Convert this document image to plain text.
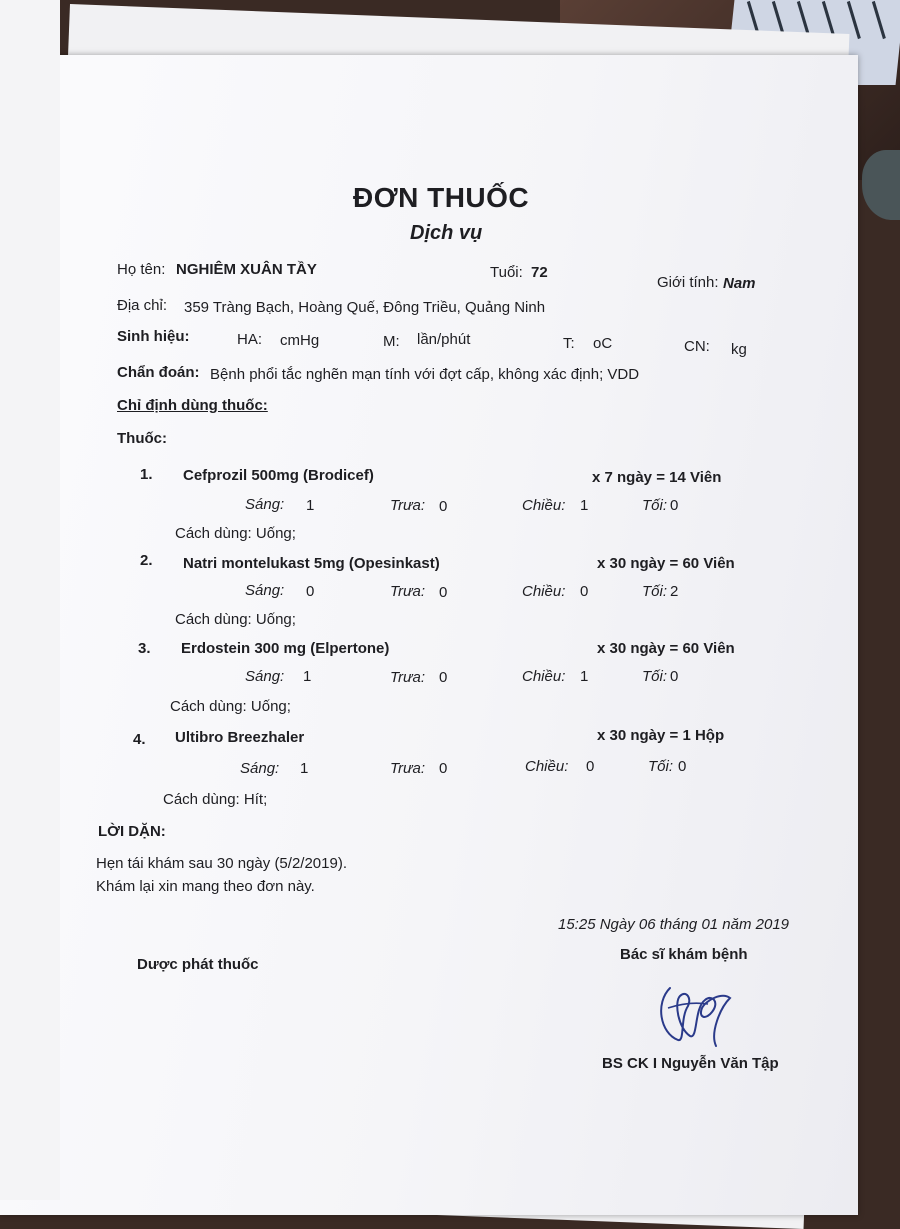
ĐƠN THUỐC
Dịch vụ
Họ tên: NGHIÊM XUÂN TẦY	Tuổi: 72
Giới tính: Nam
Địa chỉ: 359 Tràng Bạch, Hoàng Quế, Đông Triều, Quảng Ninh
Sinh hiệu:	HA: cmHg	M: lần/phút	T: oC	CN: kg
Chẩn đoán: Bệnh phổi tắc nghẽn mạn tính với đợt cấp, không xác định; VDD
Chỉ định dùng thuốc:
Thuốc:
1. Cefprozil 500mg (Brodicef)	x 7 ngày = 14 Viên
Sáng: 1	Trưa: 0	Chiều: 1	Tối: 0
Cách dùng: Uống;
2. Natri montelukast 5mg (Opesinkast)	x 30 ngày = 60 Viên
Sáng: 0	Trưa: 0	Chiều: 0	Tối: 2
Cách dùng: Uống;
3. Erdostein 300 mg (Elpertone)	x 30 ngày = 60 Viên
Sáng: 1	Trưa: 0	Chiều: 1	Tối: 0
Cách dùng: Uống;
4. Ultibro Breezhaler	x 30 ngày = 1 Hộp
Sáng: 1	Trưa: 0	Chiều: 0	Tối: 0
Cách dùng: Hít;
LỜI DẶN:
Hẹn tái khám sau 30 ngày (5/2/2019).
Khám lại xin mang theo đơn này.
15:25 Ngày 06 tháng 01 năm 2019
Bác sĩ khám bệnh
Dược phát thuốc
BS CK I Nguyễn Văn Tập
